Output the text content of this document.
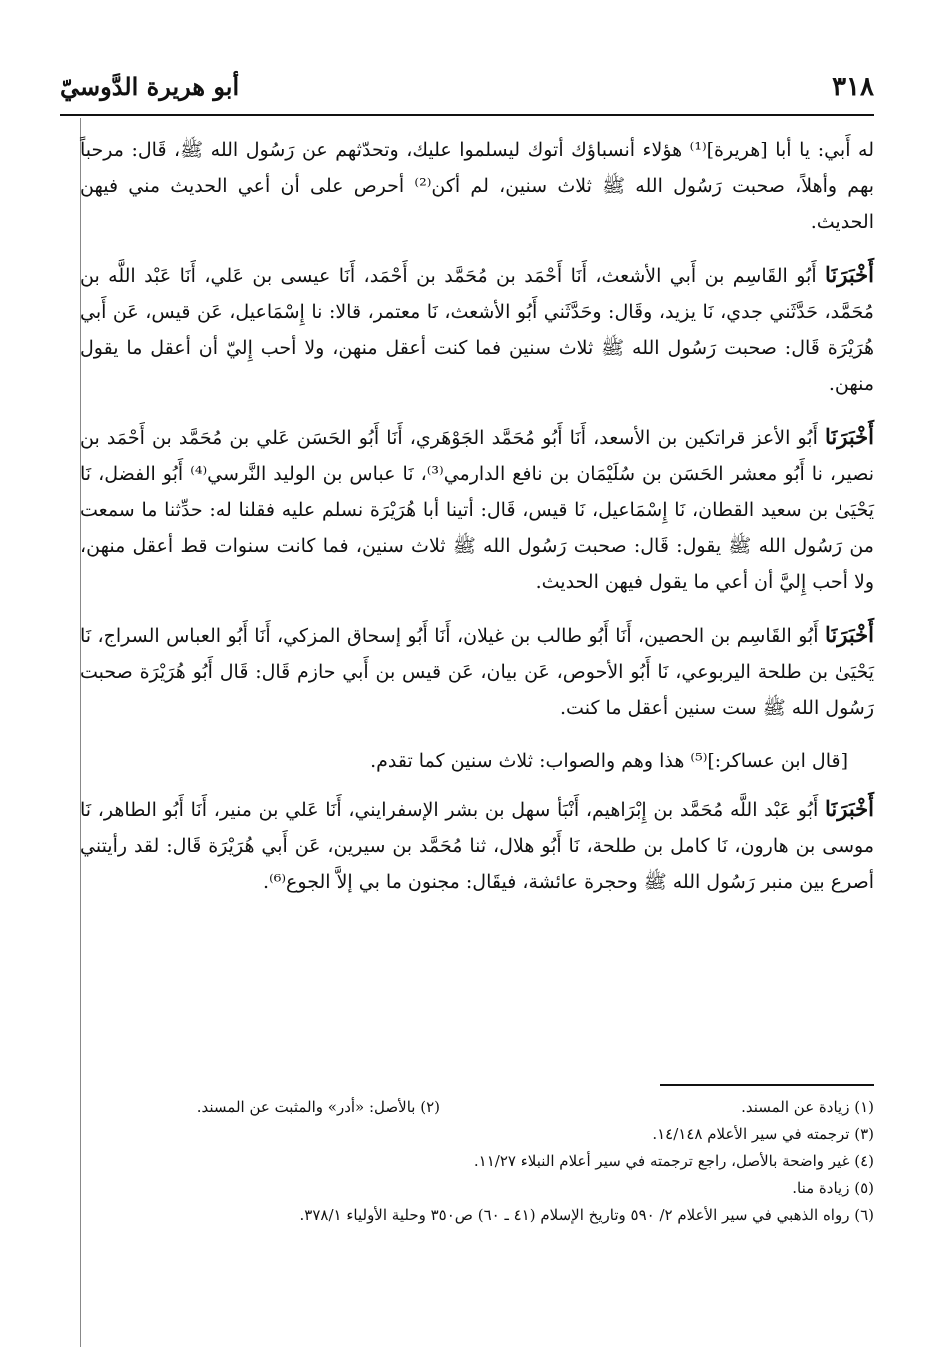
٣١٨
أبو هريرة الدَّوسيّ

له أَبي: يا أبا [هريرة]⁽¹⁾ هؤلاء أنسباؤك أتوك ليسلموا عليك، وتحدّثهم عن رَسُول الله ﷺ، قَال: مرحباً بهم وأهلاً، صحبت رَسُول الله ﷺ ثلاث سنين، لم أكن⁽²⁾ أحرص على أن أعي الحديث مني فيهن الحديث.

أَخْبَرَنَا أَبُو القَاسِم بن أَبي الأشعث، أَنَا أَحْمَد بن مُحَمَّد بن أَحْمَد، أَنَا عيسى بن عَلي، أَنَا عَبْد اللَّه بن مُحَمَّد، حَدَّثَني جدي، نَا يزيد، وقَال: وحَدَّثَني أَبُو الأشعث، نَا معتمر، قالا: نا إِسْمَاعيل، عَن قيس، عَن أَبي هُرَيْرَة قَال: صحبت رَسُول الله ﷺ ثلاث سنين فما كنت أعقل منهن، ولا أحب إِليّ أن أعقل ما يقول منهن.

أَخْبَرَنَا أَبُو الأعز قراتكين بن الأسعد، أَنَا أَبُو مُحَمَّد الجَوْهَري، أَنَا أَبُو الحَسَن عَلي بن مُحَمَّد بن أَحْمَد بن نصير، نا أَبُو معشر الحَسَن بن سُلَيْمَان بن نافع الدارمي⁽³⁾، نَا عباس بن الوليد النَّرسي⁽⁴⁾ أَبُو الفضل، نَا يَحْيَىٰ بن سعيد القطان، نَا إِسْمَاعيل، نَا قيس، قَال: أتينا أبا هُرَيْرَة نسلم عليه فقلنا له: حدِّثنا ما سمعت من رَسُول الله ﷺ يقول: قَال: صحبت رَسُول الله ﷺ ثلاث سنين، فما كانت سنوات قط أعقل منهن، ولا أحب إِليَّ أن أعي ما يقول فيهن الحديث.

أَخْبَرَنَا أَبُو القَاسِم بن الحصين، أَنَا أَبُو طالب بن غيلان، أَنَا أَبُو إسحاق المزكي، أَنَا أَبُو العباس السراج، نَا يَحْيَىٰ بن طلحة اليربوعي، نَا أَبُو الأحوص، عَن بيان، عَن قيس بن أَبي حازم قَال: قَال أَبُو هُرَيْرَة صحبت رَسُول الله ﷺ ست سنين أعقل ما كنت.

[قال ابن عساكر:]⁽⁵⁾ هذا وهم والصواب: ثلاث سنين كما تقدم.

أَخْبَرَنَا أَبُو عَبْد اللَّه مُحَمَّد بن إِبْرَاهيم، أَنْبَأ سهل بن بشر الإسفرايني، أَنَا عَلي بن منير، أَنَا أَبُو الطاهر، نَا موسى بن هارون، نَا كامل بن طلحة، نَا أَبُو هلال، ثنا مُحَمَّد بن سيرين، عَن أَبي هُرَيْرَة قَال: لقد رأيتني أصرع بين منبر رَسُول الله ﷺ وحجرة عائشة، فيقَال: مجنون ما بي إلاَّ الجوع⁽⁶⁾.

(١) زيادة عن المسند.
(٢) بالأصل: «أدر» والمثبت عن المسند.
(٣) ترجمته في سير الأعلام ١٤/١٤٨.
(٤) غير واضحة بالأصل، راجع ترجمته في سير أعلام النبلاء ١١/٢٧.
(٥) زيادة منا.
(٦) رواه الذهبي في سير الأعلام ٢/ ٥٩٠ وتاريخ الإسلام (٤١ ـ ٦٠) ص٣٥٠ وحلية الأولياء ٣٧٨/١.
